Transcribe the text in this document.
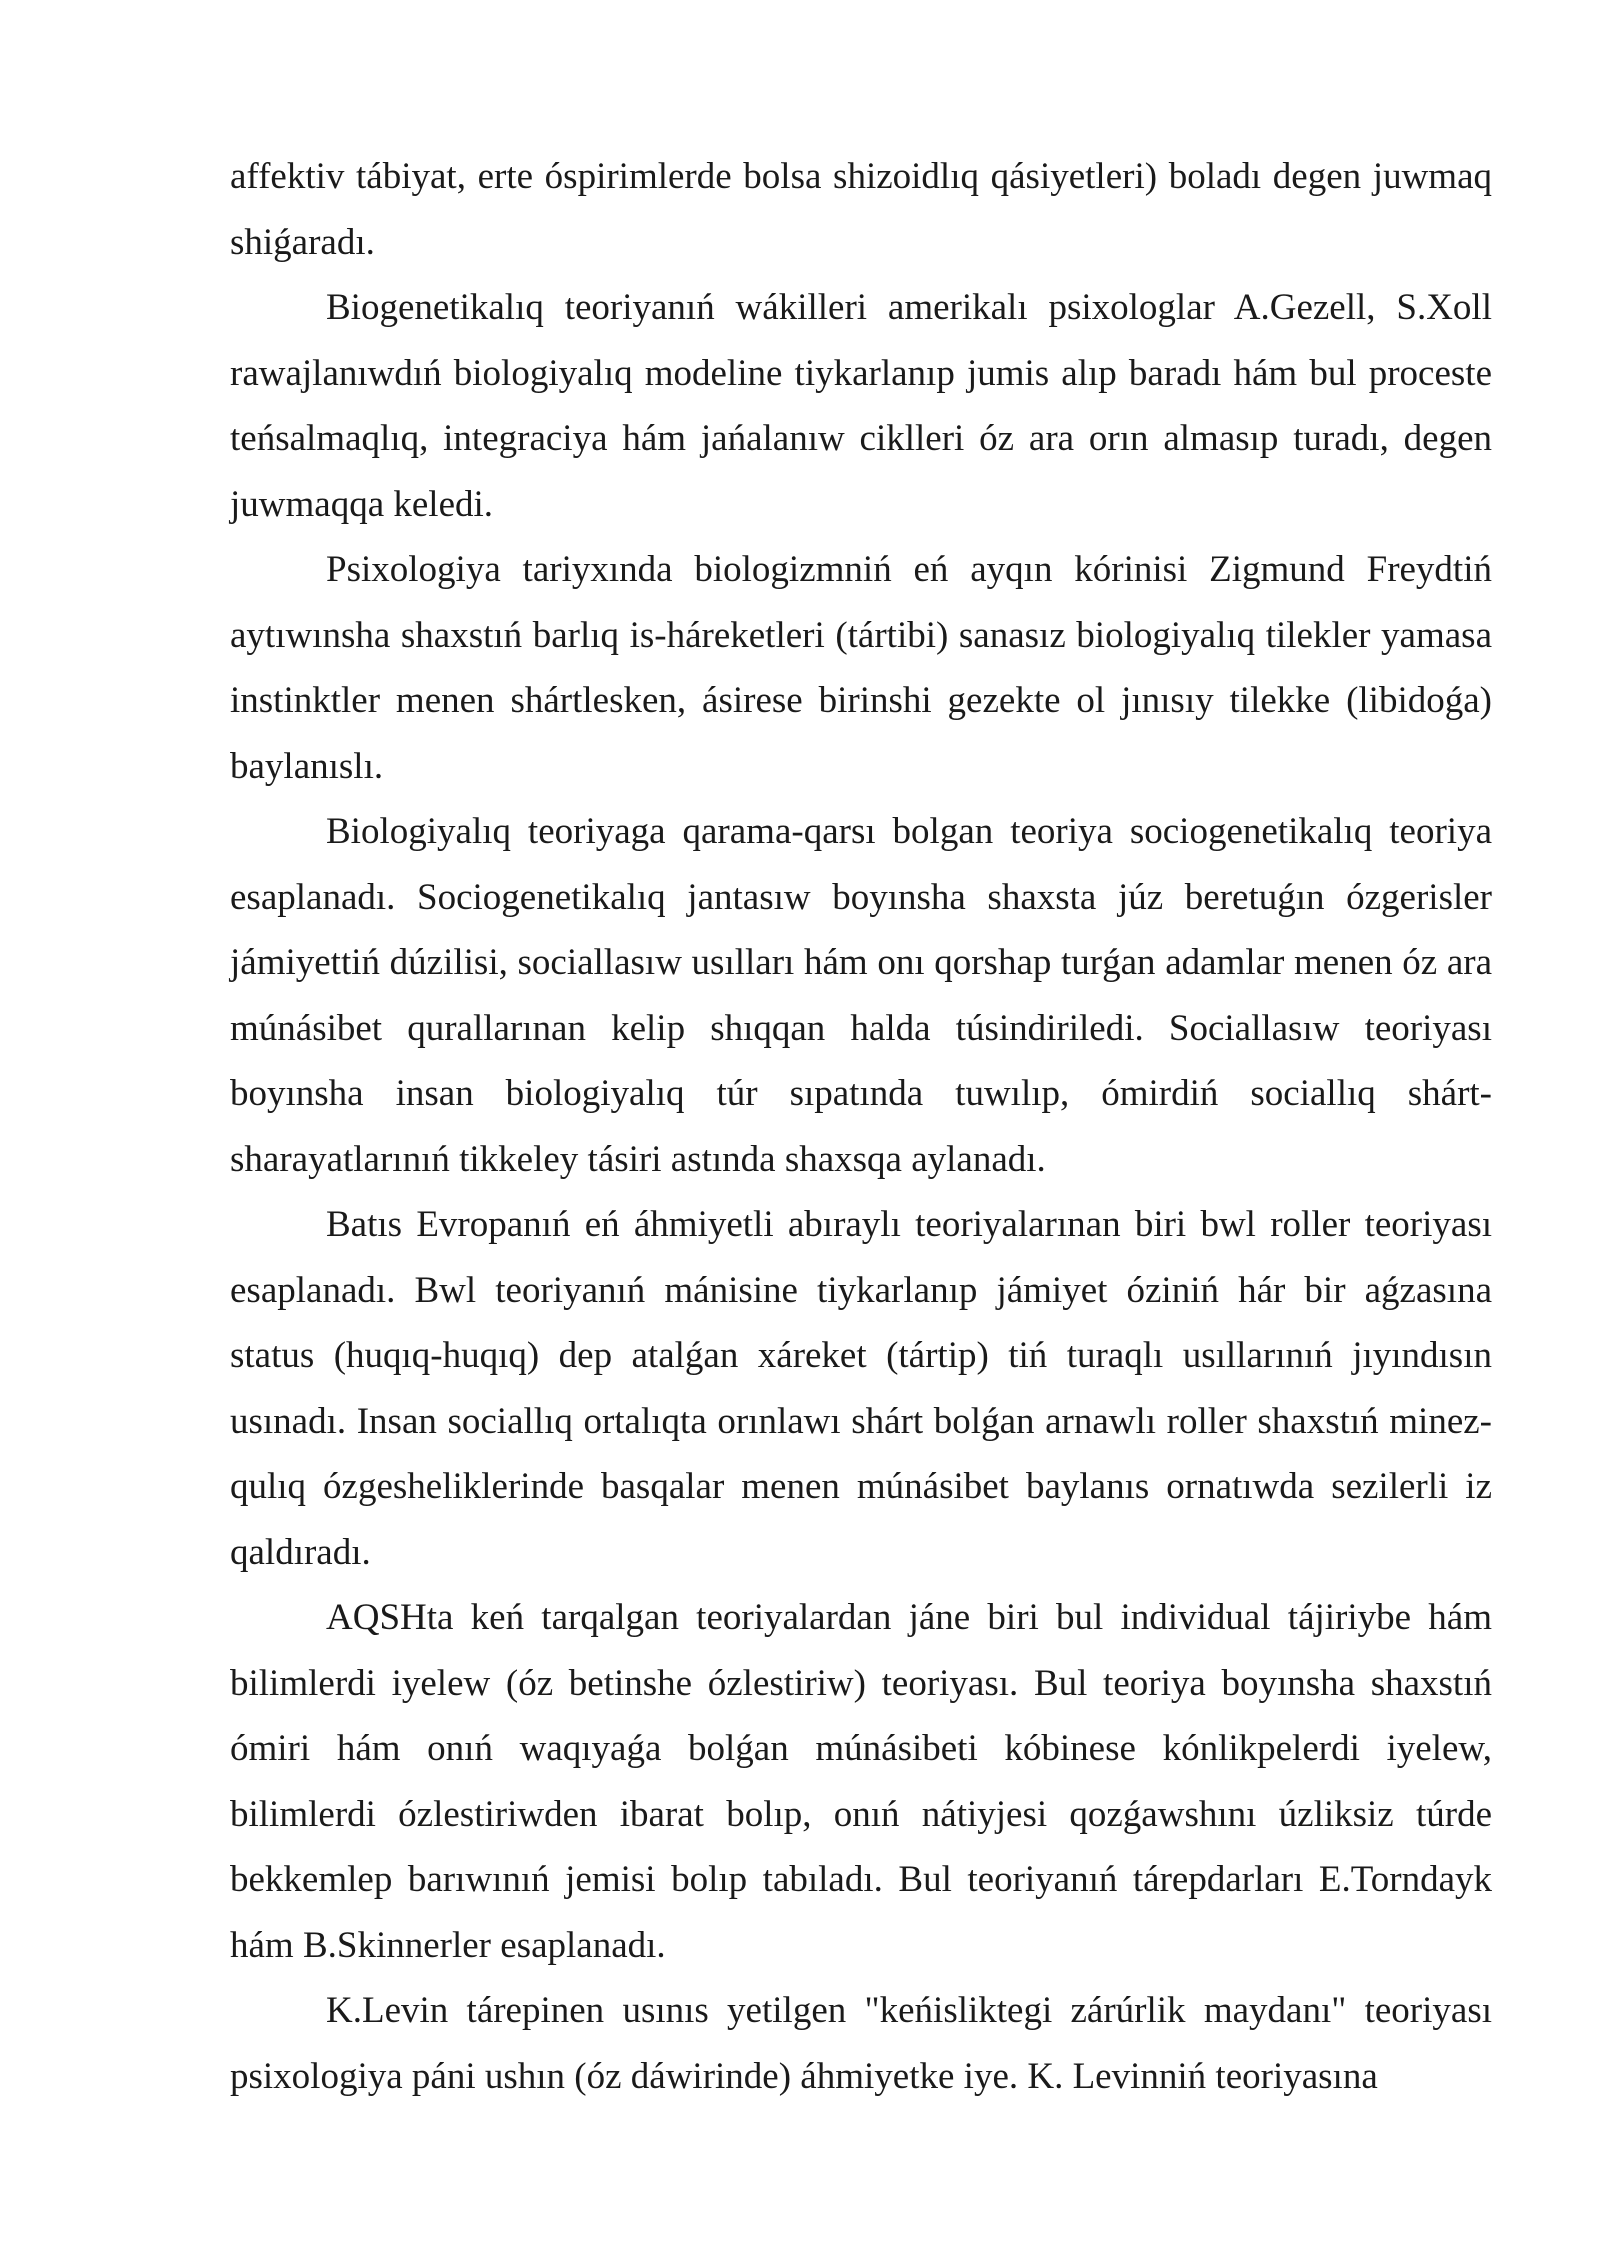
affektiv tábiyat, erte óspirimlerde bolsa shizoidlıq qásiyetleri) boladı degen juwmaq shiǵaradı.

Biogenetikalıq teoriyanıń wákilleri amerikalı psixologlar A.Gezell, S.Xoll rawajlanıwdıń biologiyalıq modeline tiykarlanıp jumis alıp baradı hám bul proceste teńsalmaqlıq, integraciya hám jańalanıw ciklleri óz ara orın almasıp turadı, degen juwmaqqa keledi.

Psixologiya tariyxında biologizmniń eń ayqın kórinisi Zigmund Freydtiń aytıwınsha shaxstıń barlıq is-háreketleri (tártibi) sanasız biologiyalıq tilekler yamasa instinktler menen shártlesken, ásirese birinshi gezekte ol jınısıy tilekke (libidoǵa) baylanıslı.

Biologiyalıq teoriyaga qarama-qarsı bolgan teoriya sociogenetikalıq teoriya esaplanadı. Sociogenetikalıq jantasıw boyınsha shaxsta júz beretuǵın ózgerisler jámiyettiń dúzilisi, sociallasıw usılları hám onı qorshap turǵan adamlar menen óz ara múnásibet qurallarınan kelip shıqqan halda túsindiriledi. Sociallasıw teoriyası boyınsha insan biologiyalıq túr sıpatında tuwılıp, ómirdiń sociallıq shárt-sharayatlarınıń tikkeley tásiri astında shaxsqa aylanadı.

Batıs Evropanıń eń áhmiyetli abıraylı teoriyalarınan biri bwl roller teoriyası esaplanadı. Bwl teoriyanıń mánisine tiykarlanıp jámiyet óziniń hár bir aǵzasına status (huqıq-huqıq) dep atalǵan xáreket (tártip) tiń turaqlı usıllarınıń jıyındısın usınadı. Insan sociallıq ortalıqta orınlawı shárt bolǵan arnawlı roller shaxstıń minez-qulıq ózgesheliklerinde basqalar menen múnásibet baylanıs ornatıwda sezilerli iz qaldıradı.

AQSHta keń tarqalgan teoriyalardan jáne biri bul individual tájiriybe hám bilimlerdi iyelew (óz betinshe ózlestiriw) teoriyası. Bul teoriya boyınsha shaxstıń ómiri hám onıń waqıyaǵa bolǵan múnásibeti kóbinese kónlikpelerdi iyelew, bilimlerdi ózlestiriwden ibarat bolıp, onıń nátiyjesi qozǵawshını úzliksiz túrde bekkemlep barıwınıń jemisi bolıp tabıladı. Bul teoriyanıń tárepdarları E.Torndayk hám B.Skinnerler esaplanadı.

K.Levin tárepinen usınıs yetilgen "keńisliktegi zárúrlik maydanı" teoriyası psixologiya páni ushın (óz dáwirinde) áhmiyetke iye. K. Levinniń teoriyasına
